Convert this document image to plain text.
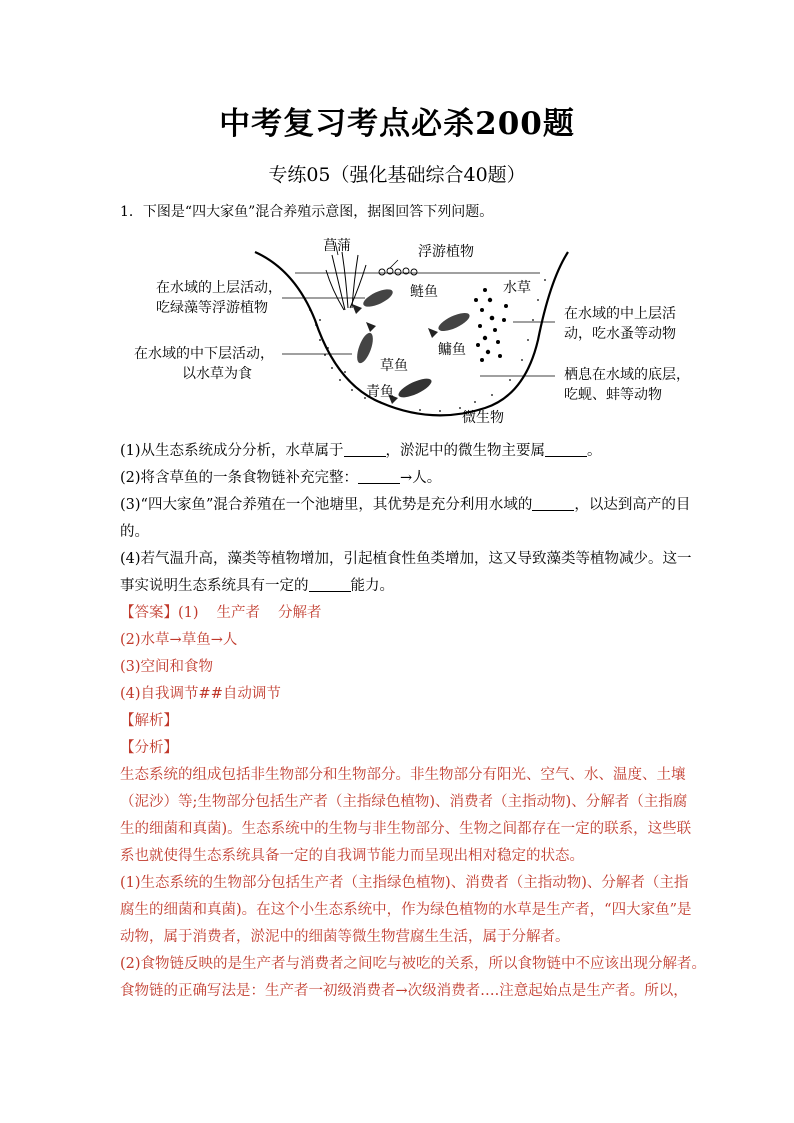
中考复习考点必杀200题
专练05（强化基础综合40题）
1．下图是“四大家鱼”混合养殖示意图，据图回答下列问题。
菖蒲	浮游植物
在水域的上层活动，
吃绿藻等浮游植物
鲢鱼	水草
鳙鱼
在水域的中上层活
动，吃水蚤等动物
在水域的中下层活动，
以水草为食	草鱼
青鱼
栖息在水域的底层，
吃蚬、蚌等动物
微生物
(1)从生态系统成分分析，水草属于	，淤泥中的微生物主要属	。
(2)将含草鱼的一条食物链补充完整：	→人。
(3)“四大家鱼”混合养殖在一个池塘里，其优势是充分利用水域的	，以达到高产的目
的。
(4)若气温升高，藻类等植物增加，引起植食性鱼类增加，这又导致藻类等植物减少。这一
事实说明生态系统具有一定的	能力。
【答案】(1) 生产者 分解者
(2)水草→草鱼→人
(3)空间和食物
(4)自我调节##自动调节
【解析】
【分析】
生态系统的组成包括非生物部分和生物部分。非生物部分有阳光、空气、水、温度、土壤
（泥沙）等;生物部分包括生产者（主指绿色植物)、消费者（主指动物)、分解者（主指腐
生的细菌和真菌)。生态系统中的生物与非生物部分、生物之间都存在一定的联系，这些联
系也就使得生态系统具备一定的自我调节能力而呈现出相对稳定的状态。
(1)生态系统的生物部分包括生产者（主指绿色植物)、消费者（主指动物)、分解者（主指
腐生的细菌和真菌)。在这个小生态系统中，作为绿色植物的水草是生产者，“四大家鱼”是
动物，属于消费者，淤泥中的细菌等微生物营腐生生活，属于分解者。
(2)食物链反映的是生产者与消费者之间吃与被吃的关系，所以食物链中不应该出现分解者。
食物链的正确写法是：生产者一初级消费者→次级消费者….注意起始点是生产者。所以，
